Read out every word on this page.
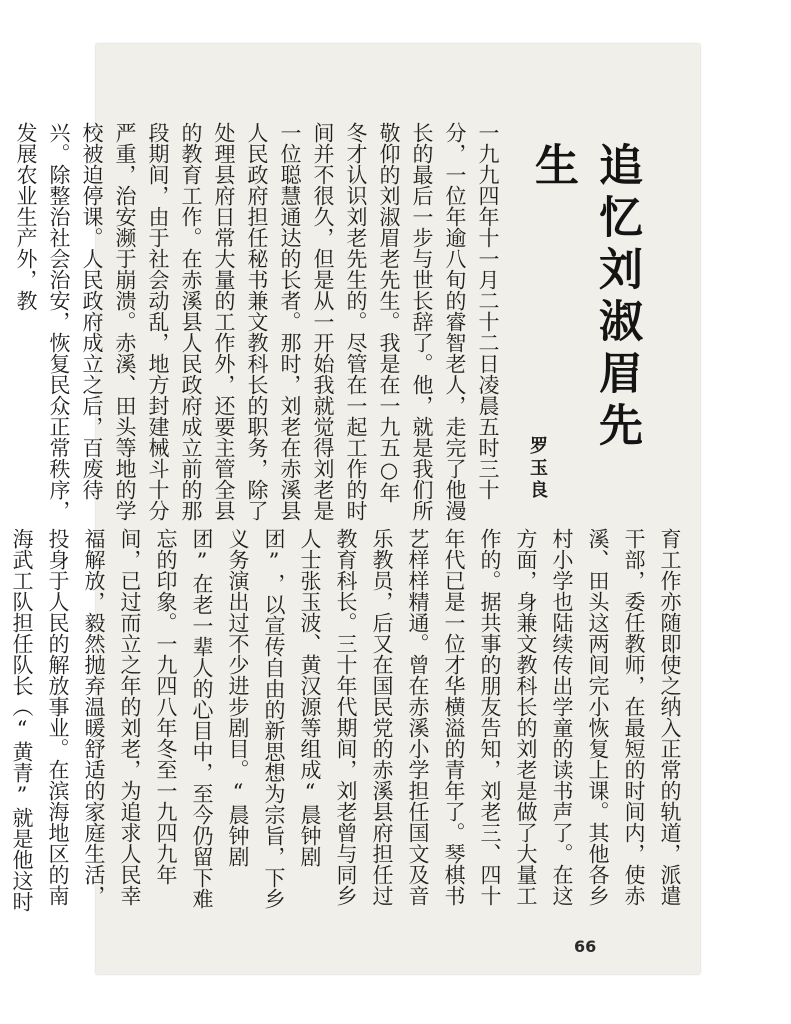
追忆刘淑眉先生
罗玉良
一九九四年十一月二十二日凌晨五时三十分，一位年逾八旬的睿智老人，走完了他漫长的最后一步与世长辞了。他，就是我们所敬仰的刘淑眉老先生。我是在一九五○年冬才认识刘老先生的。尽管在一起工作的时间并不很久，但是从一开始我就觉得刘老是一位聪慧通达的长者。那时，刘老在赤溪县人民政府担任秘书兼文教科长的职务，除了处理县府日常大量的工作外，还要主管全县的教育工作。在赤溪县人民政府成立前的那段期间，由于社会动乱，地方封建械斗十分严重，治安濒于崩溃。赤溪、田头等地的学校被迫停课。人民政府成立之后，百废待兴。除整治社会治安，恢复民众正常秩序，发展农业生产外，教
育工作亦随即使之纳入正常的轨道，派遣干部，委任教师，在最短的时间内，使赤溪、田头这两间完小恢复上课。其他各乡村小学也陆续传出学童的读书声了。在这方面，身兼文教科长的刘老是做了大量工作的。据共事的朋友告知，刘老三、四十年代已是一位才华横溢的青年了。琴棋书艺样样精通。曾在赤溪小学担任国文及音乐教员，后又在国民党的赤溪县府担任过教育科长。三十年代期间，刘老曾与同乡人士张玉波、黄汉源等组成“晨钟剧团”，以宣传自由的新思想为宗旨，下乡义务演出过不少进步剧目。“晨钟剧团”在老一辈人的心目中，至今仍留下难忘的印象。一九四八年冬至一九四九年间，已过而立之年的刘老，为追求人民幸福解放，毅然抛弃温暖舒适的家庭生活，投身于人民的解放事业。在滨海地区的南海武工队担任队长（“黄青”就是他这时
66
